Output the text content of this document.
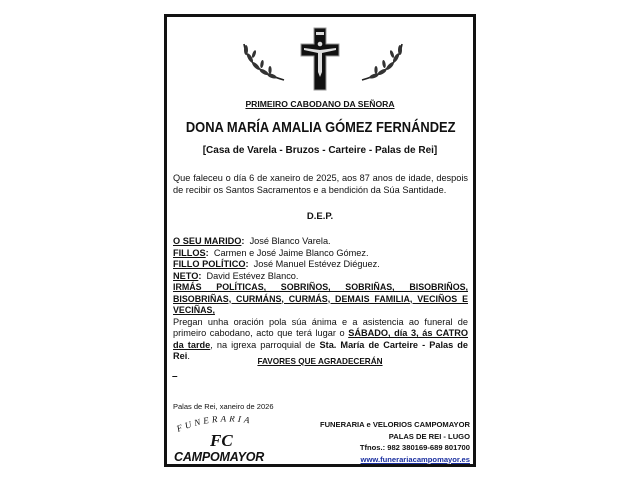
PRIMEIRO CABODANO DA SEÑORA
DONA MARÍA AMALIA GÓMEZ FERNÁNDEZ
[Casa de Varela - Bruzos - Carteire - Palas de Rei]
Que faleceu o día 6 de xaneiro de 2025, aos 87 anos de idade, despois de recibir os Santos Sacramentos e a bendición da Súa Santidade.
D.E.P.
O SEU MARIDO: José Blanco Varela.
FILLOS: Carmen e José Jaime Blanco Gómez.
FILLO POLÍTICO: José Manuel Estévez Diéguez.
NETO: David Estévez Blanco.
IRMÁS POLÍTICAS, SOBRIÑOS, SOBRIÑAS, BISOBRIÑOS, BISOBRIÑAS, CURMÁNS, CURMÁS, DEMAIS FAMILIA, VECIÑOS E VECIÑAS,
Pregan unha oración pola súa ánima e a asistencia ao funeral de primeiro cabodano, acto que terá lugar o SÁBADO, día 3, ás CATRO da tarde, na igrexa parroquial de Sta. María de Carteire - Palas de Rei.
FAVORES QUE AGRADECERÁN
–
Palas de Rei, xaneiro de 2026
FUNERARIA
FC
CAMPOMAYOR
FUNERARIA e VELORIOS CAMPOMAYOR
PALAS DE REI - LUGO
Tfnos.: 982 380169-689 801700
www.funerariacampomayor.es
